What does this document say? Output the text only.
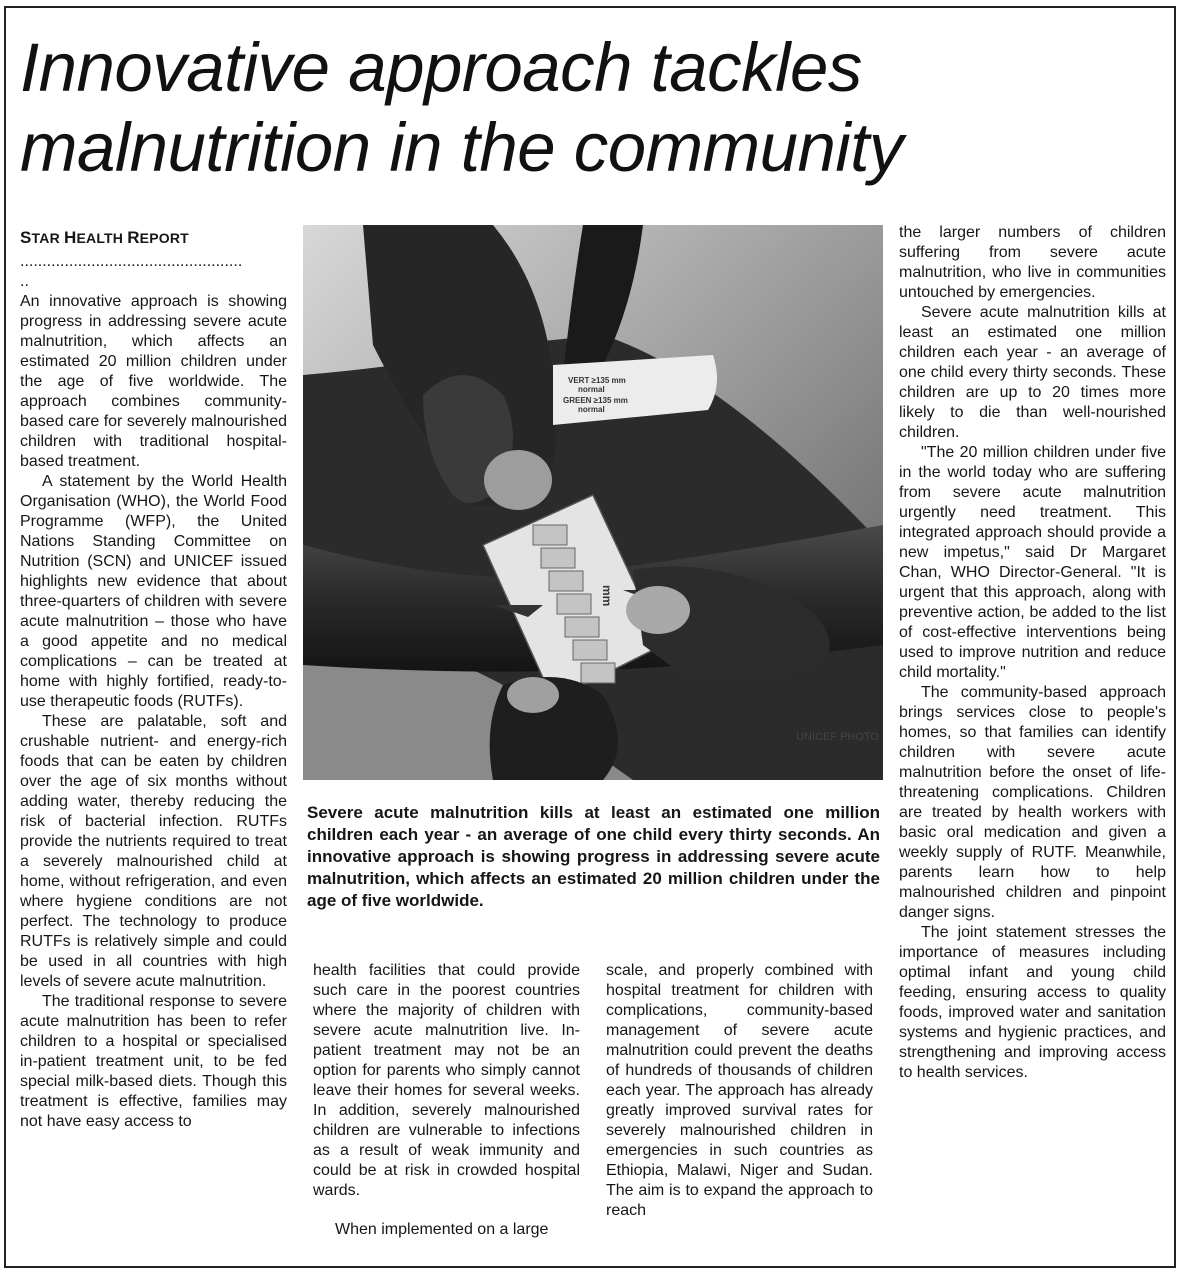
Innovative approach tackles
malnutrition in the community

STAR HEALTH REPORT

..................................................

..

An innovative approach is showing progress in addressing severe acute malnutrition, which affects an estimated 20 million children under the age of five worldwide. The approach combines community-based care for severely malnourished children with traditional hospital-based treatment.

A statement by the World Health Organisation (WHO), the World Food Programme (WFP), the United Nations Standing Committee on Nutrition (SCN) and UNICEF issued highlights new evidence that about three-quarters of children with severe acute malnutrition – those who have a good appetite and no medical complications – can be treated at home with highly fortified, ready-to-use therapeutic foods (RUTFs).

These are palatable, soft and crushable nutrient- and energy-rich foods that can be eaten by children over the age of six months without adding water, thereby reducing the risk of bacterial infection. RUTFs provide the nutrients required to treat a severely malnourished child at home, without refrigeration, and even where hygiene conditions are not perfect. The technology to produce RUTFs is relatively simple and could be used in all countries with high levels of severe acute malnutrition.

The traditional response to severe acute malnutrition has been to refer children to a hospital or specialised in-patient treatment unit, to be fed special milk-based diets. Though this treatment is effective, families may not have easy access to

VERT ≥135 mm
normal
GREEN ≥135 mm
normal
mm
UNICEF PHOTO

Severe acute malnutrition kills at least an estimated one million children each year - an average of one child every thirty seconds. An innovative approach is showing progress in addressing severe acute malnutrition, which affects an estimated 20 million children under the age of five worldwide.

health facilities that could provide such care in the poorest countries where the majority of children with severe acute malnutrition live. In-patient treatment may not be an option for parents who simply cannot leave their homes for several weeks. In addition, severely malnourished children are vulnerable to infections as a result of weak immunity and could be at risk in crowded hospital wards.

When implemented on a large

scale, and properly combined with hospital treatment for children with complications, community-based management of severe acute malnutrition could prevent the deaths of hundreds of thousands of children each year. The approach has already greatly improved survival rates for severely malnourished children in emergencies in such countries as Ethiopia, Malawi, Niger and Sudan. The aim is to expand the approach to reach

the larger numbers of children suffering from severe acute malnutrition, who live in communities untouched by emergencies.

Severe acute malnutrition kills at least an estimated one million children each year - an average of one child every thirty seconds. These children are up to 20 times more likely to die than well-nourished children.

"The 20 million children under five in the world today who are suffering from severe acute malnutrition urgently need treatment. This integrated approach should provide a new impetus," said Dr Margaret Chan, WHO Director-General. "It is urgent that this approach, along with preventive action, be added to the list of cost-effective interventions being used to improve nutrition and reduce child mortality."

The community-based approach brings services close to people's homes, so that families can identify children with severe acute malnutrition before the onset of life-threatening complications. Children are treated by health workers with basic oral medication and given a weekly supply of RUTF. Meanwhile, parents learn how to help malnourished children and pinpoint danger signs.

The joint statement stresses the importance of measures including optimal infant and young child feeding, ensuring access to quality foods, improved water and sanitation systems and hygienic practices, and strengthening and improving access to health services.
